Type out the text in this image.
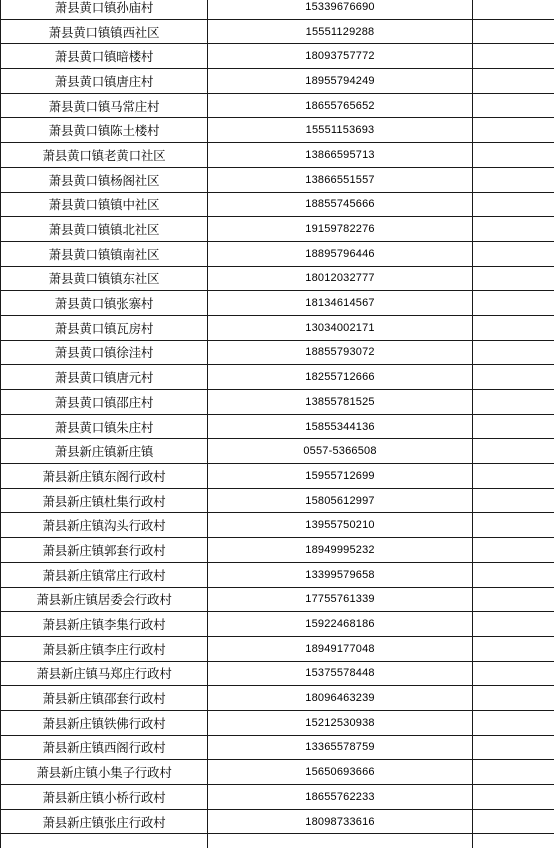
萧县黄口镇孙庙村	15339676690	
萧县黄口镇镇西社区	15551129288	
萧县黄口镇暗楼村	18093757772	
萧县黄口镇唐庄村	18955794249	
萧县黄口镇马常庄村	18655765652	
萧县黄口镇陈土楼村	15551153693	
萧县黄口镇老黄口社区	13866595713	
萧县黄口镇杨阁社区	13866551557	
萧县黄口镇镇中社区	18855745666	
萧县黄口镇镇北社区	19159782276	
萧县黄口镇镇南社区	18895796446	
萧县黄口镇镇东社区	18012032777	
萧县黄口镇张寨村	18134614567	
萧县黄口镇瓦房村	13034002171	
萧县黄口镇徐洼村	18855793072	
萧县黄口镇唐元村	18255712666	
萧县黄口镇邵庄村	13855781525	
萧县黄口镇朱庄村	15855344136	
萧县新庄镇新庄镇	0557-5366508	
萧县新庄镇东阁行政村	15955712699	
萧县新庄镇杜集行政村	15805612997	
萧县新庄镇沟头行政村	13955750210	
萧县新庄镇郭套行政村	18949995232	
萧县新庄镇常庄行政村	13399579658	
萧县新庄镇居委会行政村	17755761339	
萧县新庄镇李集行政村	15922468186	
萧县新庄镇李庄行政村	18949177048	
萧县新庄镇马郑庄行政村	15375578448	
萧县新庄镇邵套行政村	18096463239	
萧县新庄镇铁佛行政村	15212530938	
萧县新庄镇西阁行政村	13365578759	
萧县新庄镇小集子行政村	15650693666	
萧县新庄镇小桥行政村	18655762233	
萧县新庄镇张庄行政村	18098733616	
